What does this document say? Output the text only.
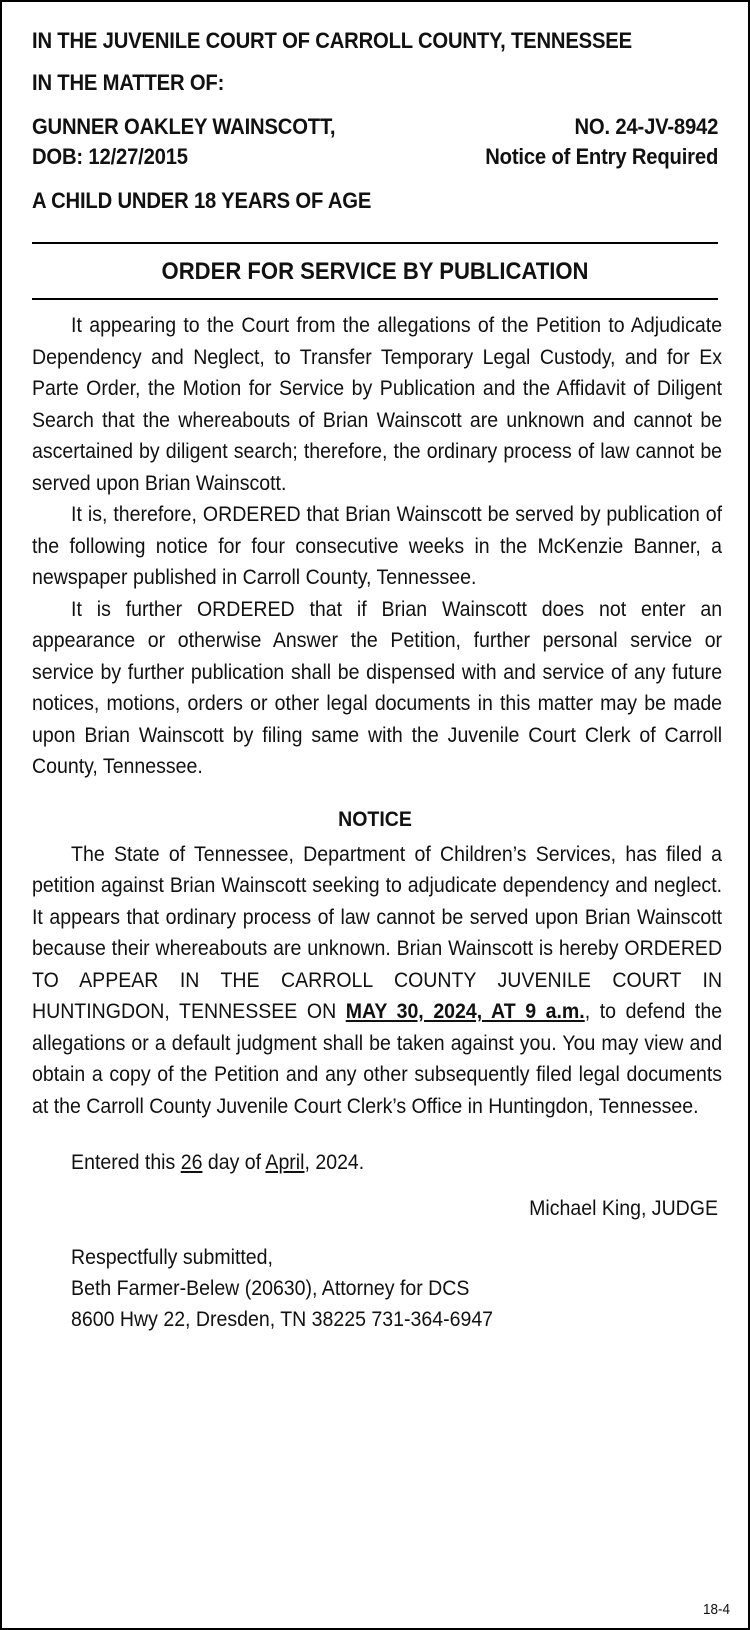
IN THE JUVENILE COURT OF CARROLL COUNTY, TENNESSEE
IN THE MATTER OF:
GUNNER OAKLEY WAINSCOTT,	NO. 24-JV-8942
DOB: 12/27/2015	Notice of Entry Required
A CHILD UNDER 18 YEARS OF AGE
ORDER FOR SERVICE BY PUBLICATION

It appearing to the Court from the allegations of the Petition to Adjudicate Dependency and Neglect, to Transfer Temporary Legal Custody, and for Ex Parte Order, the Motion for Service by Publication and the Affidavit of Diligent Search that the whereabouts of Brian Wainscott are unknown and cannot be ascertained by diligent search; therefore, the ordinary process of law cannot be served upon Brian Wainscott.

It is, therefore, ORDERED that Brian Wainscott be served by publication of the following notice for four consecutive weeks in the McKenzie Banner, a newspaper published in Carroll County, Tennessee.

It is further ORDERED that if Brian Wainscott does not enter an appearance or otherwise Answer the Petition, further personal service or service by further publication shall be dispensed with and service of any future notices, motions, orders or other legal documents in this matter may be made upon Brian Wainscott by filing same with the Juvenile Court Clerk of Carroll County, Tennessee.

NOTICE

The State of Tennessee, Department of Children’s Services, has filed a petition against Brian Wainscott seeking to adjudicate dependency and neglect. It appears that ordinary process of law cannot be served upon Brian Wainscott because their whereabouts are unknown. Brian Wainscott is hereby ORDERED TO APPEAR IN THE CARROLL COUNTY JUVENILE COURT IN HUNTINGDON, TENNESSEE ON MAY 30, 2024, AT 9 a.m., to defend the allegations or a default judgment shall be taken against you. You may view and obtain a copy of the Petition and any other subsequently filed legal documents at the Carroll County Juvenile Court Clerk’s Office in Huntingdon, Tennessee.

Entered this 26 day of April, 2024.
Michael King, JUDGE
Respectfully submitted,
Beth Farmer-Belew (20630), Attorney for DCS
8600 Hwy 22, Dresden, TN 38225 731-364-6947
18-4
